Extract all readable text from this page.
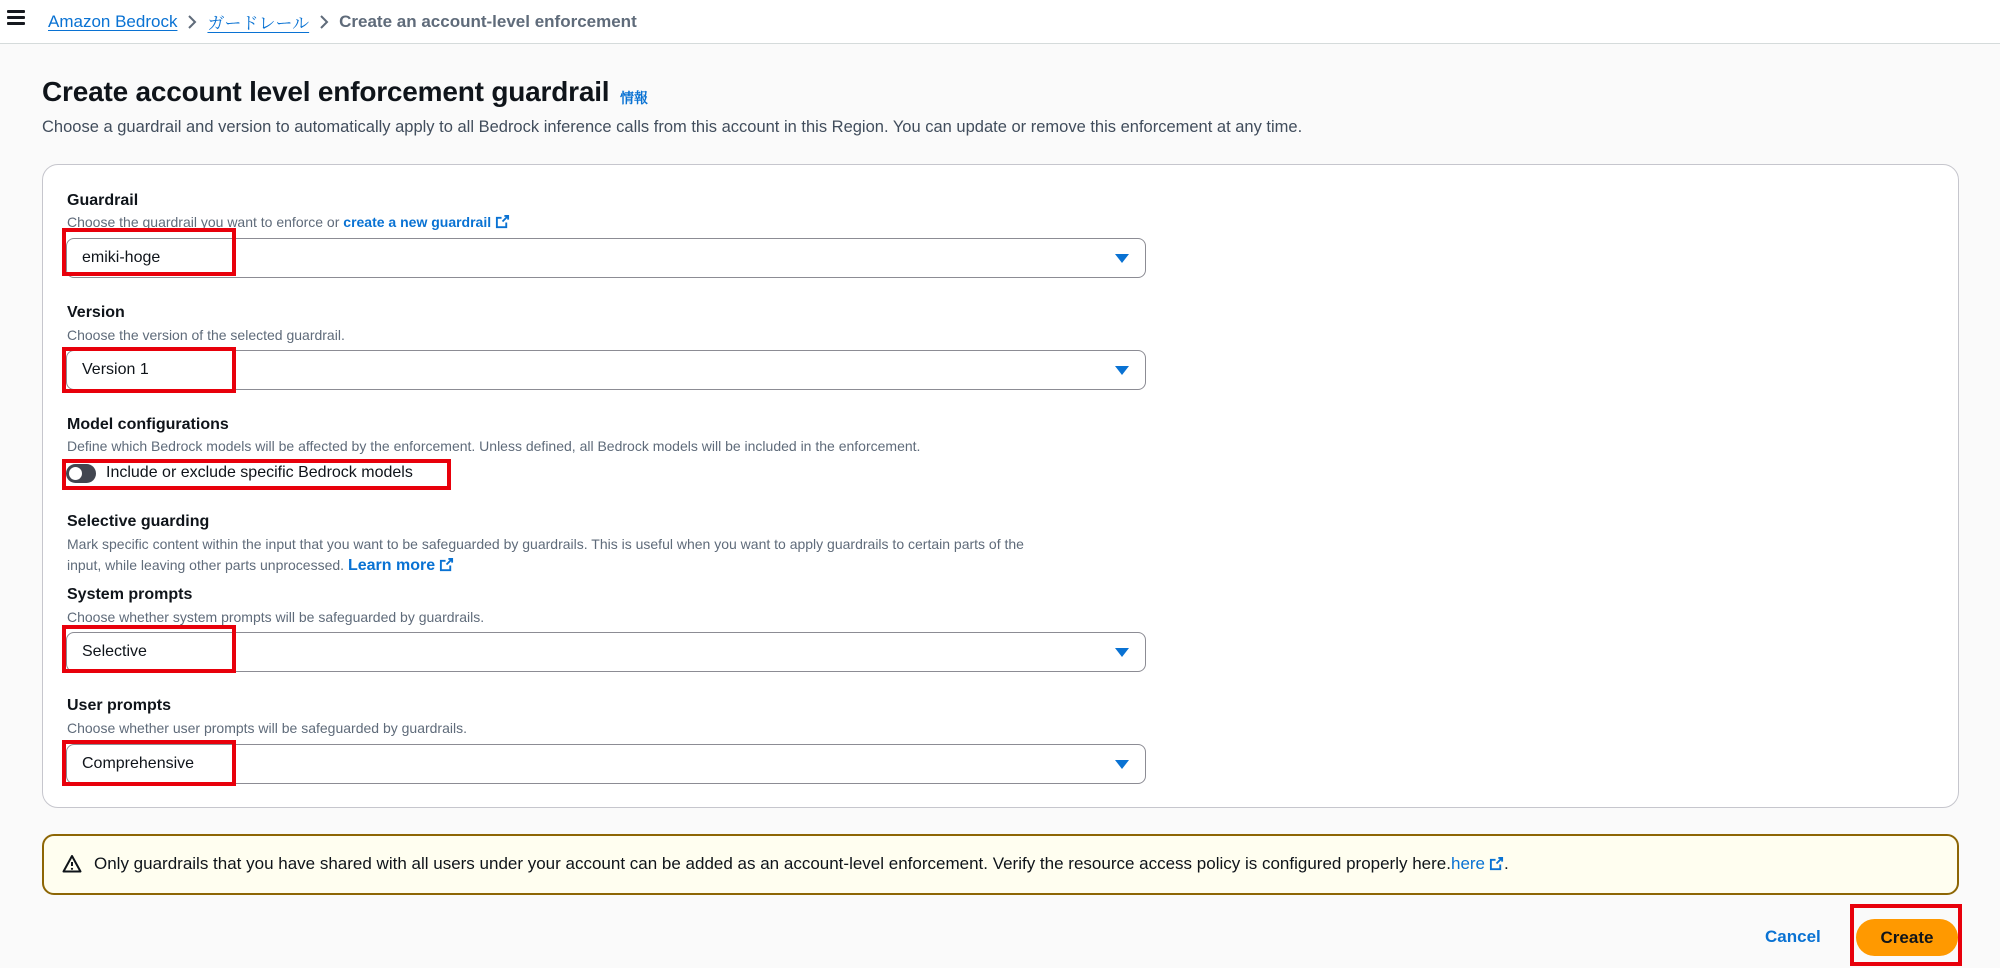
Amazon Bedrock ガードレール Create an account-level enforcement
Create account level enforcement guardrail 情報

Choose a guardrail and version to automatically apply to all Bedrock inference calls from this account in this Region. You can update or remove this enforcement at any time.

Guardrail
Choose the guardrail you want to enforce or create a new guardrail
emiki-hoge
Version
Choose the version of the selected guardrail.
Version 1
Model configurations
Define which Bedrock models will be affected by the enforcement. Unless defined, all Bedrock models will be included in the enforcement.
Include or exclude specific Bedrock models
Selective guarding
Mark specific content within the input that you want to be safeguarded by guardrails. This is useful when you want to apply guardrails to certain parts of the
input, while leaving other parts unprocessed. Learn more
System prompts
Choose whether system prompts will be safeguarded by guardrails.
Selective
User prompts
Choose whether user prompts will be safeguarded by guardrails.
Comprehensive
Only guardrails that you have shared with all users under your account can be added as an account-level enforcement. Verify the resource access policy is configured properly here.here .
Cancel	Create
